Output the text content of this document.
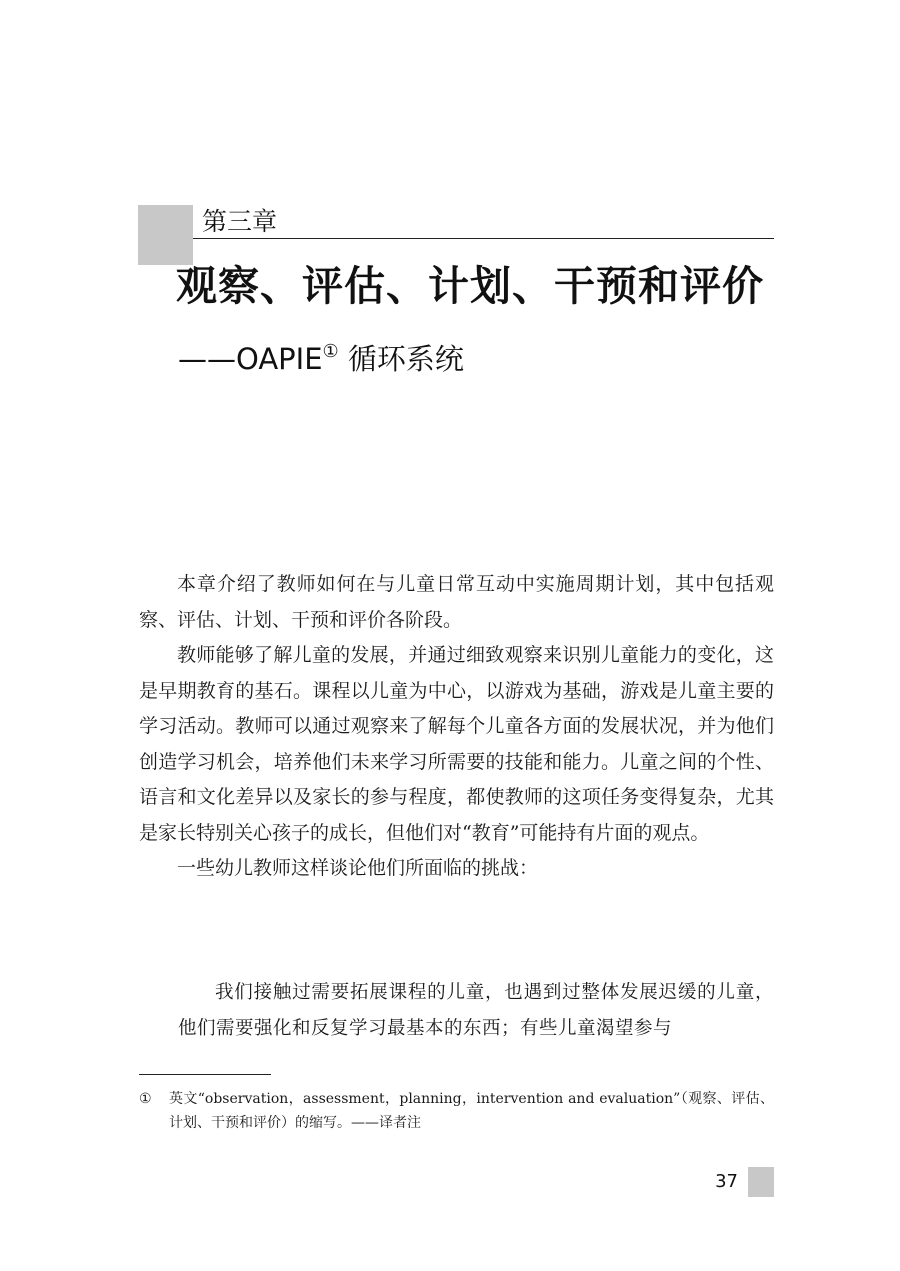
第三章
观察、评估、计划、干预和评价
——OAPIE① 循环系统

本章介绍了教师如何在与儿童日常互动中实施周期计划，其中包括观察、评估、计划、干预和评价各阶段。

教师能够了解儿童的发展，并通过细致观察来识别儿童能力的变化，这是早期教育的基石。课程以儿童为中心，以游戏为基础，游戏是儿童主要的学习活动。教师可以通过观察来了解每个儿童各方面的发展状况，并为他们创造学习机会，培养他们未来学习所需要的技能和能力。儿童之间的个性、语言和文化差异以及家长的参与程度，都使教师的这项任务变得复杂，尤其是家长特别关心孩子的成长，但他们对“教育”可能持有片面的观点。

一些幼儿教师这样谈论他们所面临的挑战：

我们接触过需要拓展课程的儿童，也遇到过整体发展迟缓的儿童，他们需要强化和反复学习最基本的东西；有些儿童渴望参与

① 英文“observation，assessment，planning，intervention and evaluation”（观察、评估、计划、干预和评价）的缩写。——译者注
37
